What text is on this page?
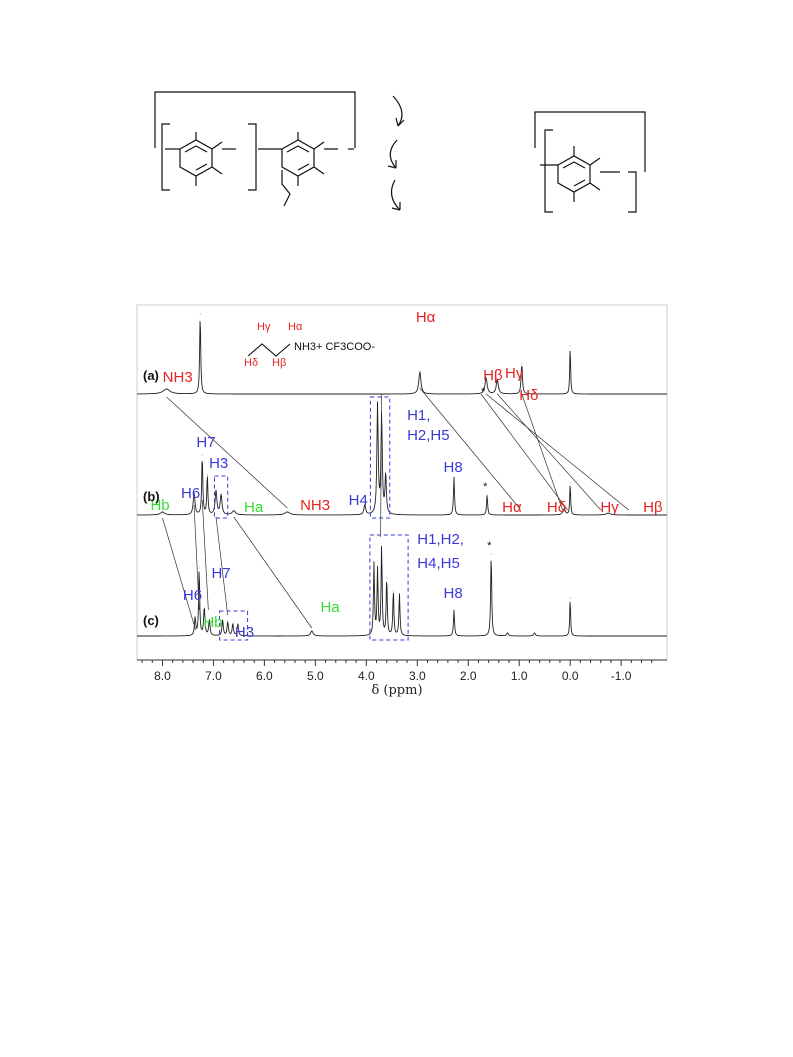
NH3
Hα
Hβ Hγ
Hδ
*
Hb
H6
H7
H3
Ha NH3 H4
H1,
H2,H5
H8
*
Hα Hδ Hγ Hβ
Hb
H7
H6
H3
Ha
H1,H2,
H4,H5
H8
*
Hγ Hα
Hδ Hβ
NH3+ CF3COO-
(a)
(b)
(c)
8.0	7.0	6.0	5.0	4.0	3.0	2.0	1.0	0.0	-1.0
δ (ppm)
